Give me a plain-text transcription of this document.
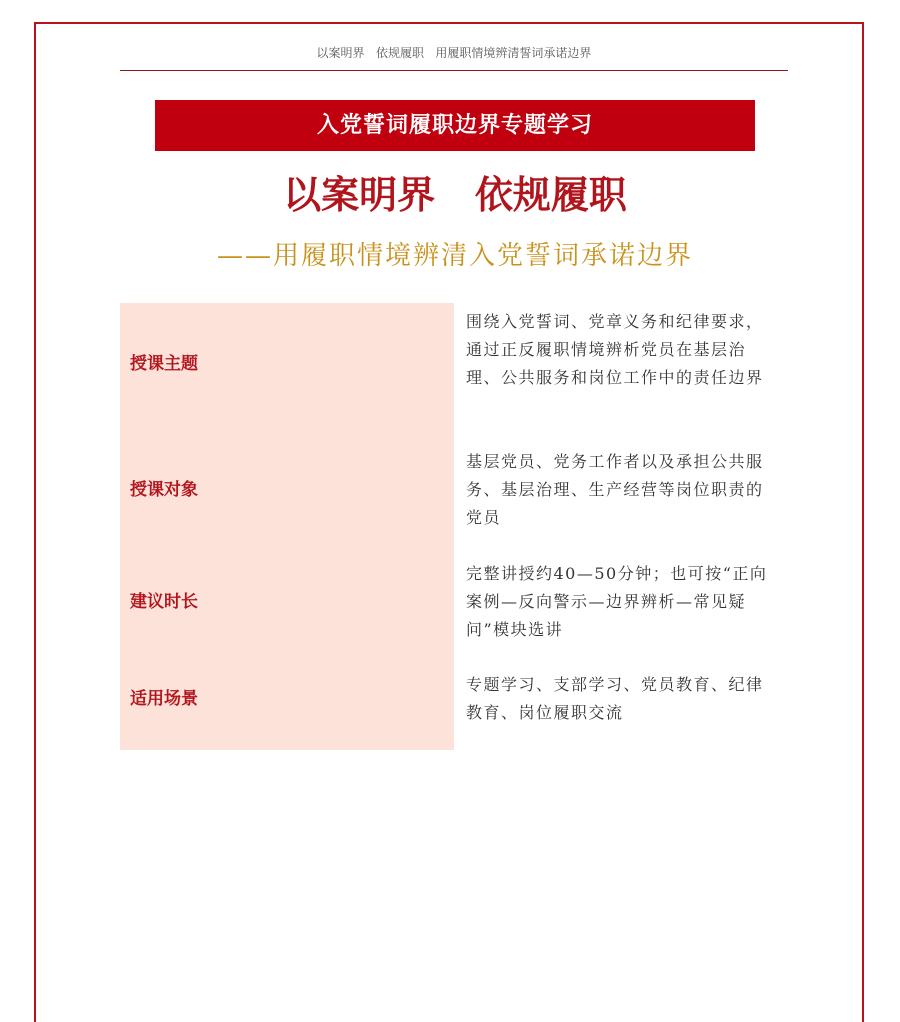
以案明界   依规履职   用履职情境辨清誓词承诺边界
入党誓词履职边界专题学习
以案明界   依规履职
——用履职情境辨清入党誓词承诺边界
授课主题
围绕入党誓词、党章义务和纪律要求，通过正反履职情境辨析党员在基层治理、公共服务和岗位工作中的责任边界
授课对象
基层党员、党务工作者以及承担公共服务、基层治理、生产经营等岗位职责的党员
建议时长
完整讲授约40—50分钟；也可按“正向案例—反向警示—边界辨析—常见疑问”模块选讲
适用场景
专题学习、支部学习、党员教育、纪律教育、岗位履职交流
